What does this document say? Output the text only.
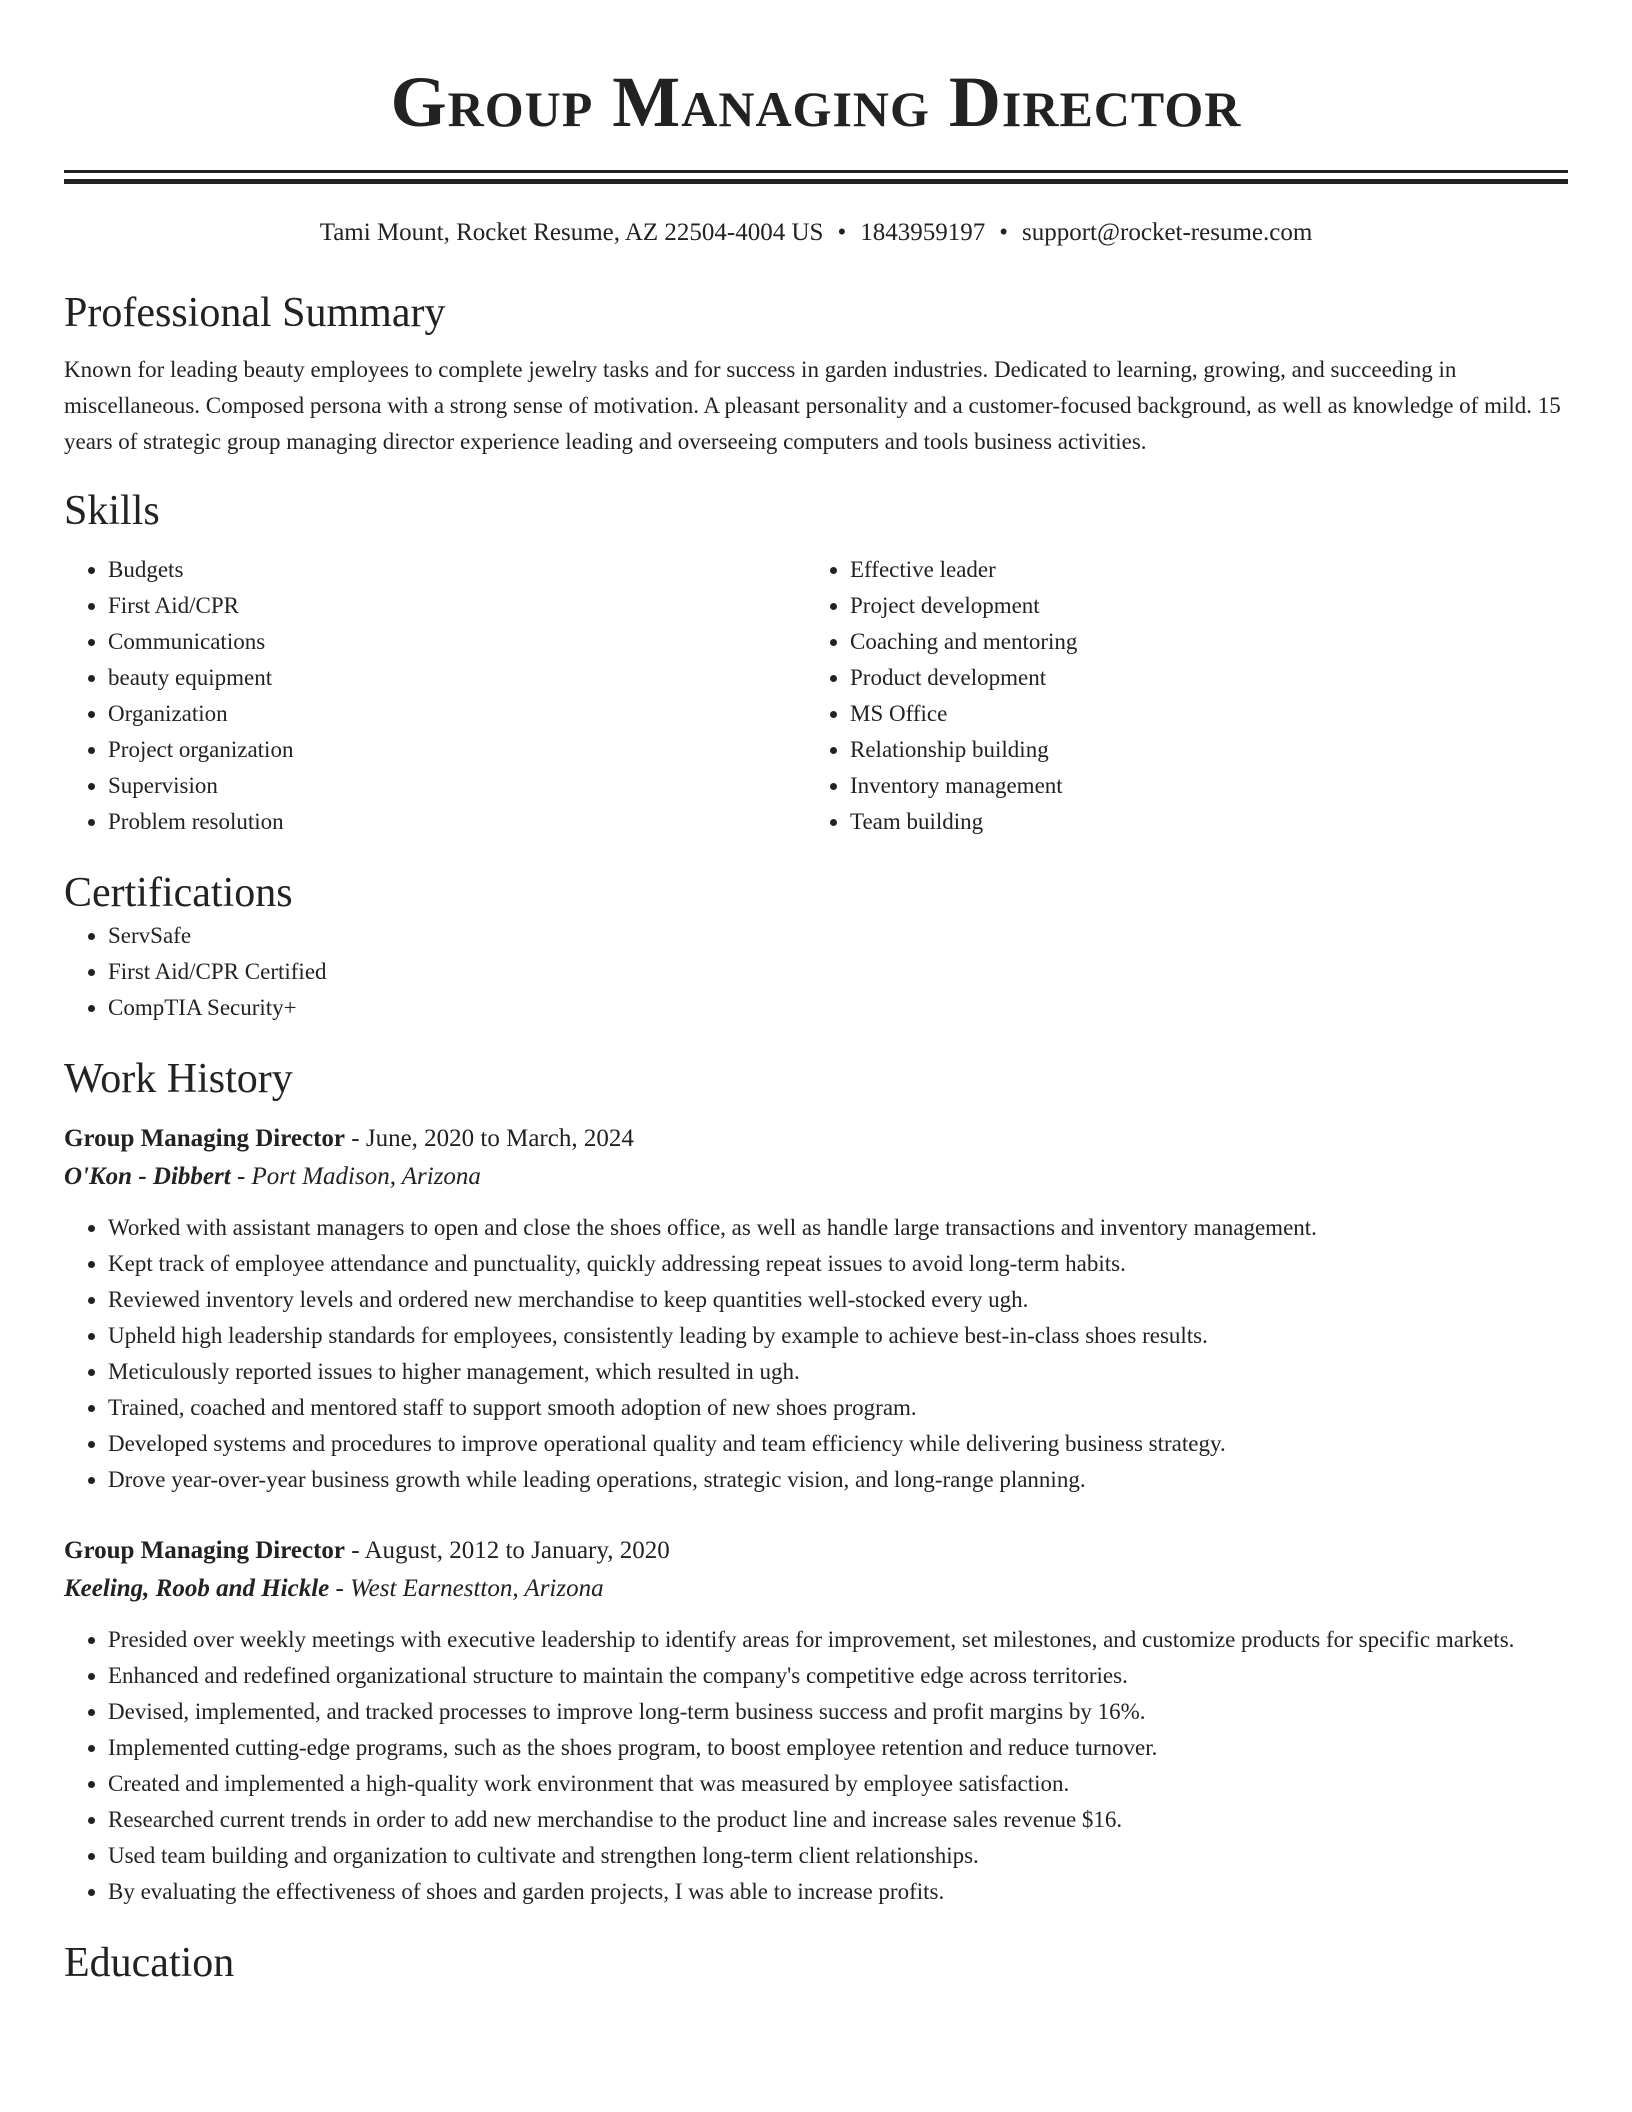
Group Managing Director
Tami Mount, Rocket Resume, AZ 22504-4004 US • 1843959197 • support@rocket-resume.com
Professional Summary

Known for leading beauty employees to complete jewelry tasks and for success in garden industries. Dedicated to learning, growing, and succeeding in miscellaneous. Composed persona with a strong sense of motivation. A pleasant personality and a customer-focused background, as well as knowledge of mild. 15 years of strategic group managing director experience leading and overseeing computers and tools business activities.

Skills
• Budgets
• First Aid/CPR
• Communications
• beauty equipment
• Organization
• Project organization
• Supervision
• Problem resolution
• Effective leader
• Project development
• Coaching and mentoring
• Product development
• MS Office
• Relationship building
• Inventory management
• Team building
Certifications
• ServSafe
• First Aid/CPR Certified
• CompTIA Security+
Work History
Group Managing Director - June, 2020 to March, 2024
O'Kon - Dibbert - Port Madison, Arizona
• Worked with assistant managers to open and close the shoes office, as well as handle large transactions and inventory management.
• Kept track of employee attendance and punctuality, quickly addressing repeat issues to avoid long-term habits.
• Reviewed inventory levels and ordered new merchandise to keep quantities well-stocked every ugh.
• Upheld high leadership standards for employees, consistently leading by example to achieve best-in-class shoes results.
• Meticulously reported issues to higher management, which resulted in ugh.
• Trained, coached and mentored staff to support smooth adoption of new shoes program.
• Developed systems and procedures to improve operational quality and team efficiency while delivering business strategy.
• Drove year-over-year business growth while leading operations, strategic vision, and long-range planning.
Group Managing Director - August, 2012 to January, 2020
Keeling, Roob and Hickle - West Earnestton, Arizona
• Presided over weekly meetings with executive leadership to identify areas for improvement, set milestones, and customize products for specific markets.
• Enhanced and redefined organizational structure to maintain the company's competitive edge across territories.
• Devised, implemented, and tracked processes to improve long-term business success and profit margins by 16%.
• Implemented cutting-edge programs, such as the shoes program, to boost employee retention and reduce turnover.
• Created and implemented a high-quality work environment that was measured by employee satisfaction.
• Researched current trends in order to add new merchandise to the product line and increase sales revenue $16.
• Used team building and organization to cultivate and strengthen long-term client relationships.
• By evaluating the effectiveness of shoes and garden projects, I was able to increase profits.
Education
